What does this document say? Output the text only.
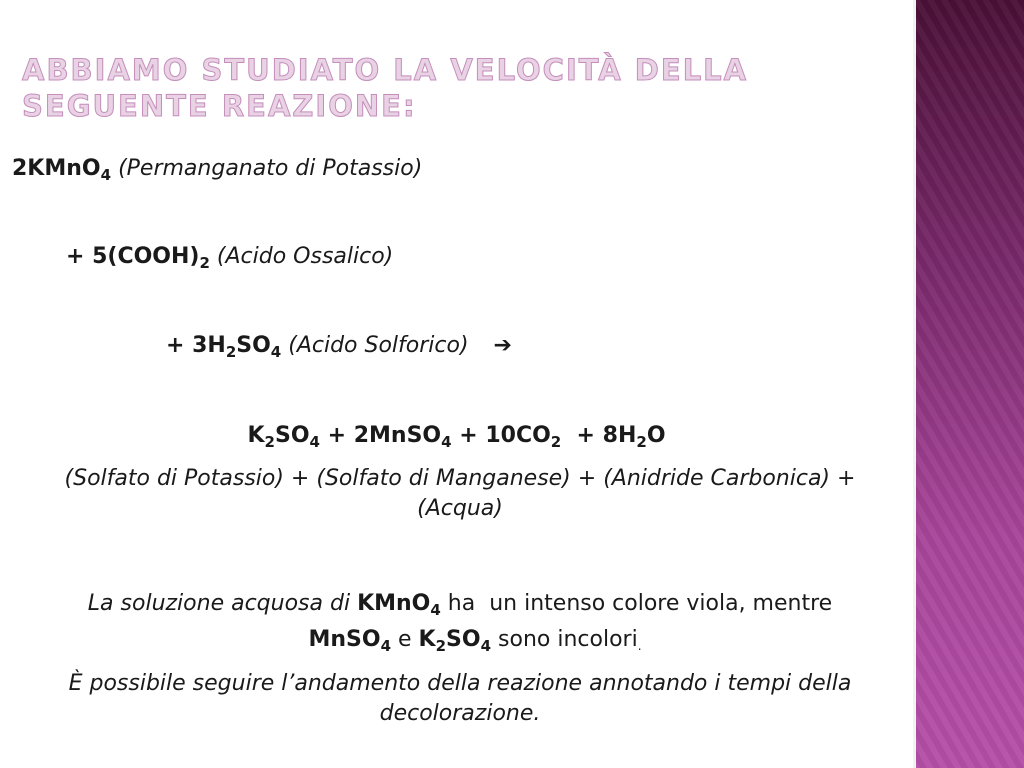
ABBIAMO STUDIATO LA VELOCITÀ DELLA SEGUENTE REAZIONE:
2KMnO$_4$ (Permanganato di Potassio)
+ $5(COOH)_2$ (Acido Ossalico)
+ $3H_2SO_4$ (Acido Solforico) ➔
$K_2SO_4$ + 2MnSO$_4$ + $10CO_2 + 8H_2O$
(Solfato di Potassio) + (Solfato di Manganese) + (Anidride Carbonica) + (Acqua)
La soluzione acquosa di KMnO$_4$ ha  un intenso colore viola, mentre
MnSO$_4$ e $K_2SO_4$ sono incolori.
È possibile seguire l’andamento della reazione annotando i tempi della decolorazione.
